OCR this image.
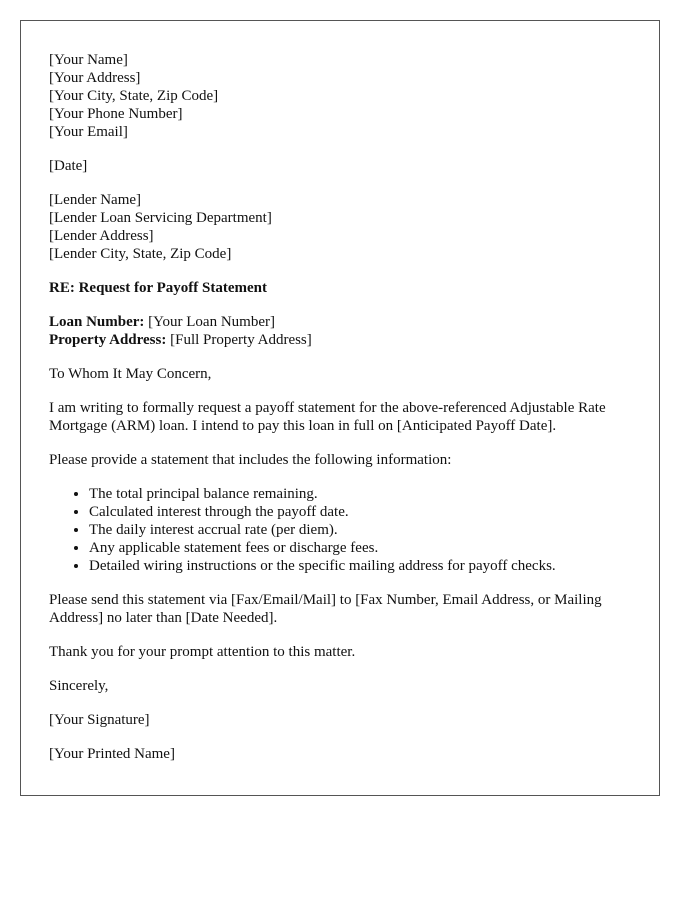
[Your Name]
[Your Address]
[Your City, State, Zip Code]
[Your Phone Number]
[Your Email]

[Date]

[Lender Name]
[Lender Loan Servicing Department]
[Lender Address]
[Lender City, State, Zip Code]

RE: Request for Payoff Statement

Loan Number: [Your Loan Number]
Property Address: [Full Property Address]

To Whom It May Concern,

I am writing to formally request a payoff statement for the above-referenced Adjustable Rate Mortgage (ARM) loan. I intend to pay this loan in full on [Anticipated Payoff Date].

Please provide a statement that includes the following information:

• The total principal balance remaining.
• Calculated interest through the payoff date.
• The daily interest accrual rate (per diem).
• Any applicable statement fees or discharge fees.
• Detailed wiring instructions or the specific mailing address for payoff checks.

Please send this statement via [Fax/Email/Mail] to [Fax Number, Email Address, or Mailing Address] no later than [Date Needed].

Thank you for your prompt attention to this matter.

Sincerely,

[Your Signature]

[Your Printed Name]
